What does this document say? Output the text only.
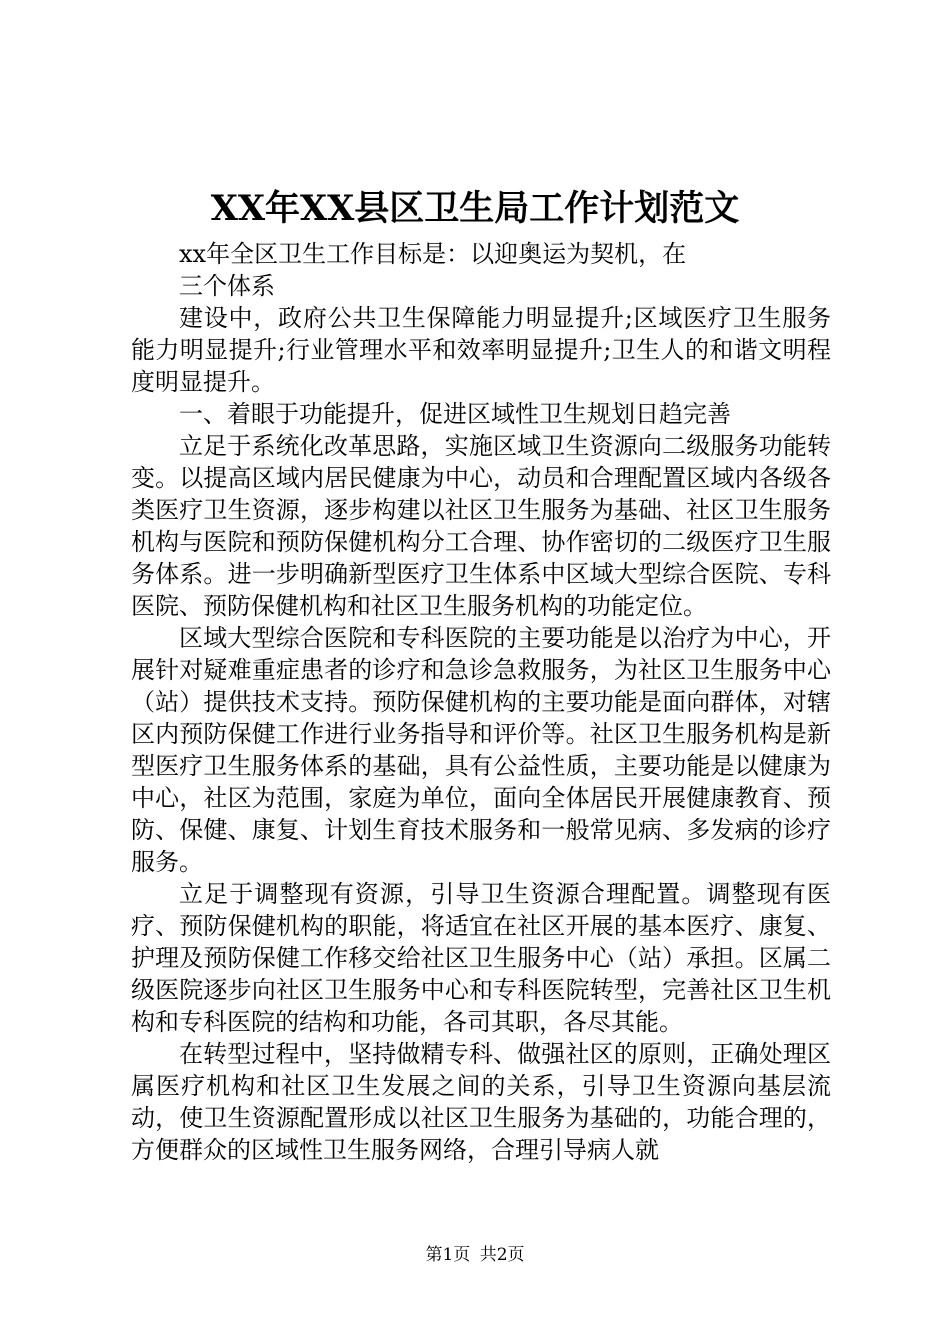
XX年XX县区卫生局工作计划范文

xx年全区卫生工作目标是：以迎奥运为契机，在

三个体系

建设中，政府公共卫生保障能力明显提升;区域医疗卫生服务能力明显提升;行业管理水平和效率明显提升;卫生人的和谐文明程度明显提升。

一、着眼于功能提升，促进区域性卫生规划日趋完善

立足于系统化改革思路，实施区域卫生资源向二级服务功能转变。以提高区域内居民健康为中心，动员和合理配置区域内各级各类医疗卫生资源，逐步构建以社区卫生服务为基础、社区卫生服务机构与医院和预防保健机构分工合理、协作密切的二级医疗卫生服务体系。进一步明确新型医疗卫生体系中区域大型综合医院、专科医院、预防保健机构和社区卫生服务机构的功能定位。

区域大型综合医院和专科医院的主要功能是以治疗为中心，开展针对疑难重症患者的诊疗和急诊急救服务，为社区卫生服务中心（站）提供技术支持。预防保健机构的主要功能是面向群体，对辖区内预防保健工作进行业务指导和评价等。社区卫生服务机构是新型医疗卫生服务体系的基础，具有公益性质，主要功能是以健康为中心，社区为范围，家庭为单位，面向全体居民开展健康教育、预防、保健、康复、计划生育技术服务和一般常见病、多发病的诊疗服务。

立足于调整现有资源，引导卫生资源合理配置。调整现有医疗、预防保健机构的职能，将适宜在社区开展的基本医疗、康复、护理及预防保健工作移交给社区卫生服务中心（站）承担。区属二级医院逐步向社区卫生服务中心和专科医院转型，完善社区卫生机构和专科医院的结构和功能，各司其职，各尽其能。

在转型过程中，坚持做精专科、做强社区的原则，正确处理区属医疗机构和社区卫生发展之间的关系，引导卫生资源向基层流动，使卫生资源配置形成以社区卫生服务为基础的，功能合理的，方便群众的区域性卫生服务网络，合理引导病人就

第1页 共2页
